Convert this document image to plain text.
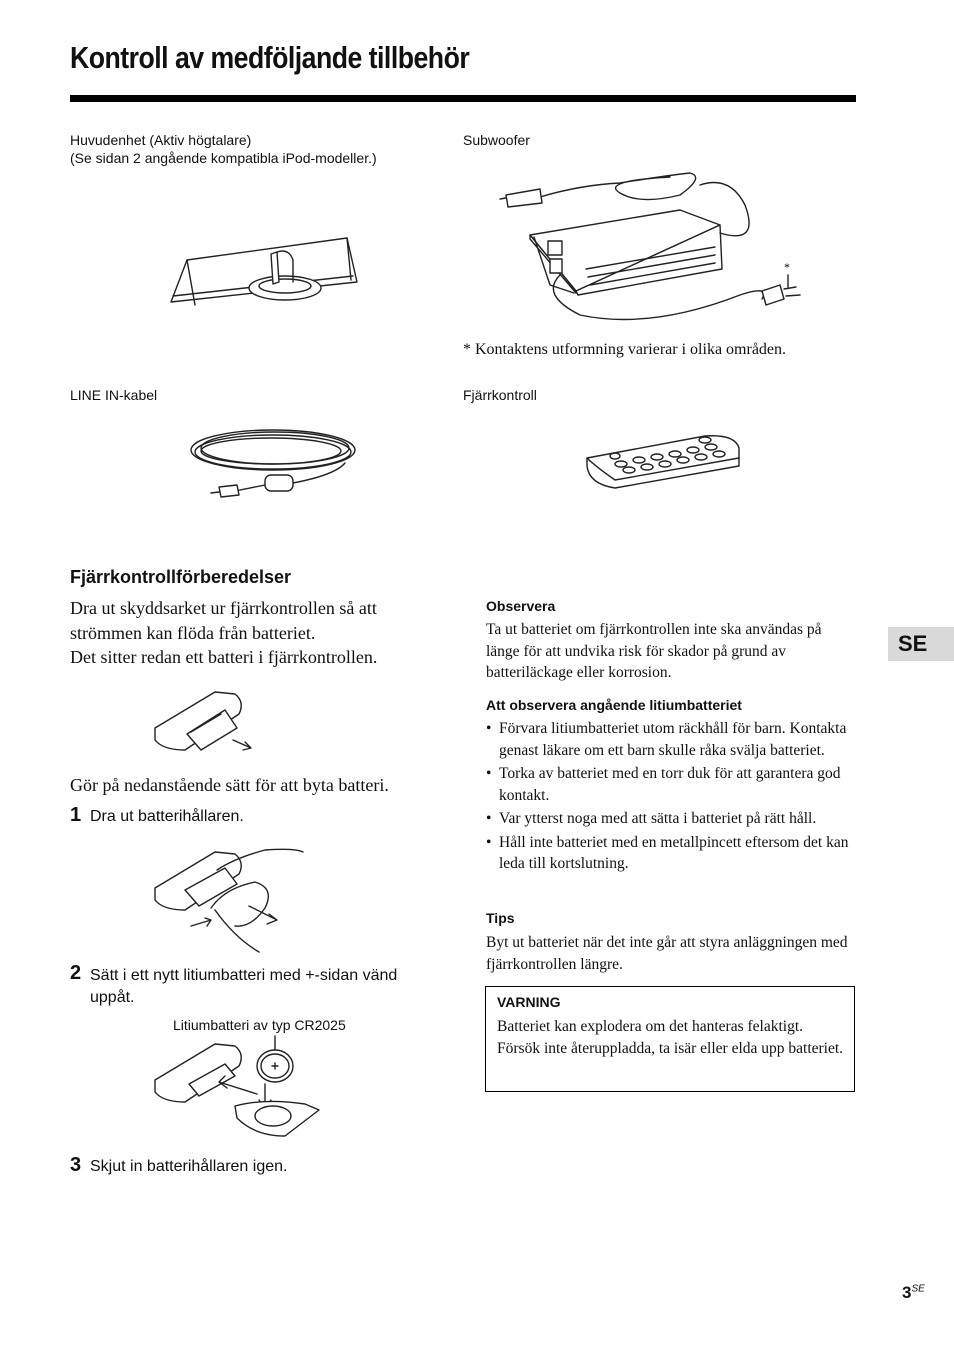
Kontroll av medföljande tillbehör
Huvudenhet (Aktiv högtalare)
(Se sidan 2 angående kompatibla iPod-modeller.)
Subwoofer
LINE IN-kabel	Fjärrkontroll
* Kontaktens utformning varierar i olika områden.
*
Fjärrkontrollförberedelser
Dra ut skyddsarket ur fjärrkontrollen så att
strömmen kan flöda från batteriet.
Det sitter redan ett batteri i fjärrkontrollen.
Gör på nedanstående sätt för att byta batteri.
1 Dra ut batterihållaren.
2 Sätt i ett nytt litiumbatteri med +-sidan vänd
uppåt.
Litiumbatteri av typ CR2025
3 Skjut in batterihållaren igen.
Observera
Ta ut batteriet om fjärrkontrollen inte ska användas på länge för att undvika risk för skador på grund av batteriläckage eller korrosion.
Att observera angående litiumbatteriet
• Förvara litiumbatteriet utom räckhåll för barn. Kontakta genast läkare om ett barn skulle råka svälja batteriet.
• Torka av batteriet med en torr duk för att garantera god kontakt.
• Var ytterst noga med att sätta i batteriet på rätt håll.
• Håll inte batteriet med en metallpincett eftersom det kan leda till kortslutning.
Tips
Byt ut batteriet när det inte går att styra anläggningen med fjärrkontrollen längre.
VARNING
Batteriet kan explodera om det hanteras felaktigt.
Försök inte återuppladda, ta isär eller elda upp batteriet.
SE
$3^{SE}$
